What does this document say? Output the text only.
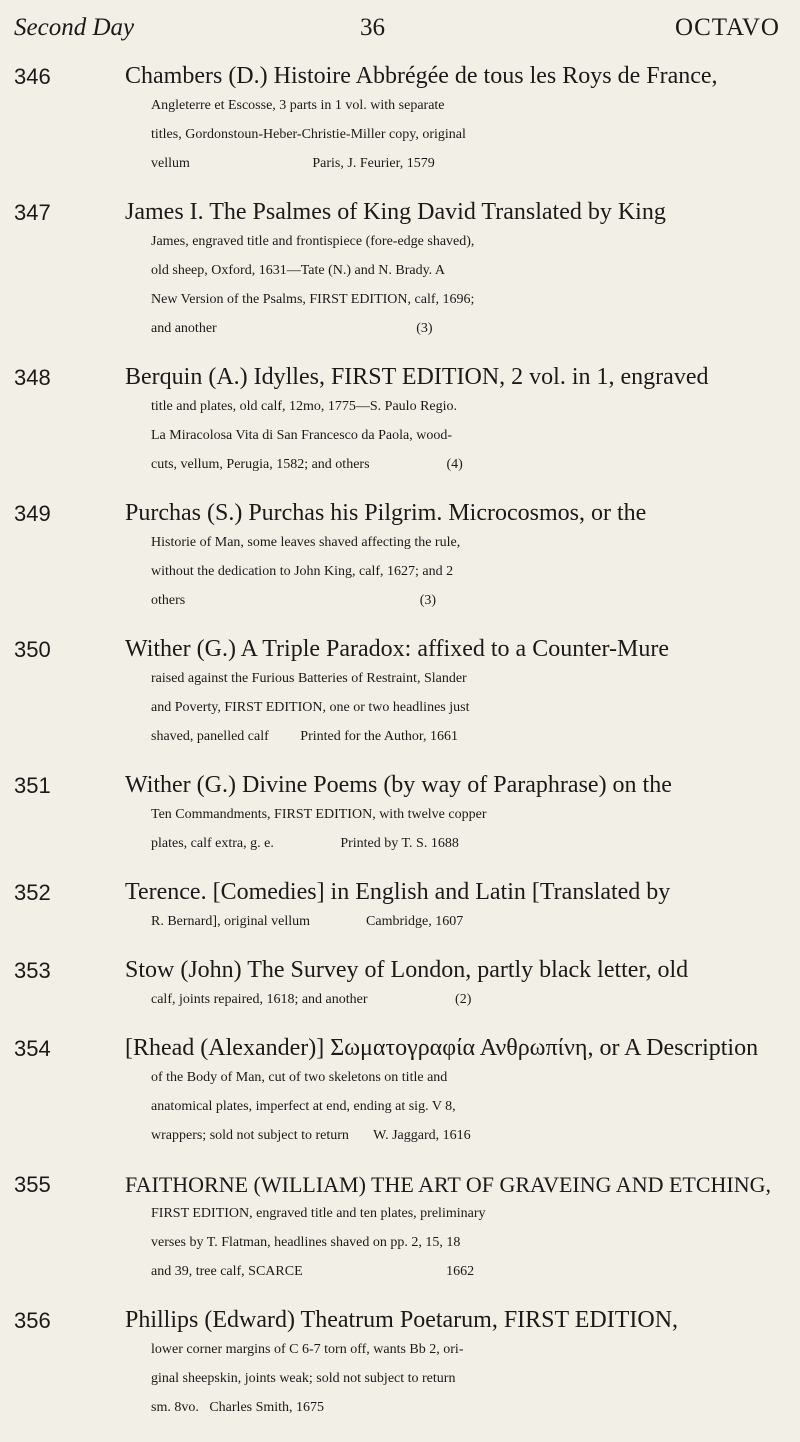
Second Day	36	OCTAVO
346	Chambers (D.) Histoire Abbrégée de tous les Roys de France,
Angleterre et Escosse, 3 parts in 1 vol. with separate
titles, Gordonstoun-Heber-Christie-Miller copy, original
vellum                                   Paris, J. Feurier, 1579
347	James I. The Psalmes of King David Translated by King
James, engraved title and frontispiece (fore-edge shaved),
old sheep, Oxford, 1631—Tate (N.) and N. Brady. A
New Version of the Psalms, FIRST EDITION, calf, 1696;
and another                                                         (3)
348	Berquin (A.) Idylles, FIRST EDITION, 2 vol. in 1, engraved
title and plates, old calf, 12mo, 1775—S. Paulo Regio.
La Miracolosa Vita di San Francesco da Paola, wood-
cuts, vellum, Perugia, 1582; and others                      (4)
349	Purchas (S.) Purchas his Pilgrim. Microcosmos, or the
Historie of Man, some leaves shaved affecting the rule,
without the dedication to John King, calf, 1627; and 2
others                                                                   (3)
350	Wither (G.) A Triple Paradox: affixed to a Counter-Mure
raised against the Furious Batteries of Restraint, Slander
and Poverty, FIRST EDITION, one or two headlines just
shaved, panelled calf         Printed for the Author, 1661
351	Wither (G.) Divine Poems (by way of Paraphrase) on the
Ten Commandments, FIRST EDITION, with twelve copper
plates, calf extra, g. e.                   Printed by T. S. 1688
352	Terence. [Comedies] in English and Latin [Translated by
R. Bernard], original vellum                Cambridge, 1607
353	Stow (John) The Survey of London, partly black letter, old
calf, joints repaired, 1618; and another                         (2)
354	[Rhead (Alexander)] Σωματογραφία Ανθρωπίνη, or A Description
of the Body of Man, cut of two skeletons on title and
anatomical plates, imperfect at end, ending at sig. V 8,
wrappers; sold not subject to return       W. Jaggard, 1616
355	FAITHORNE (WILLIAM) THE ART OF GRAVEING AND ETCHING,
FIRST EDITION, engraved title and ten plates, preliminary
verses by T. Flatman, headlines shaved on pp. 2, 15, 18
and 39, tree calf, SCARCE                                         1662
356	Phillips (Edward) Theatrum Poetarum, FIRST EDITION,
lower corner margins of C 6-7 torn off, wants Bb 2, ori-
ginal sheepskin, joints weak; sold not subject to return
sm. 8vo.   Charles Smith, 1675
